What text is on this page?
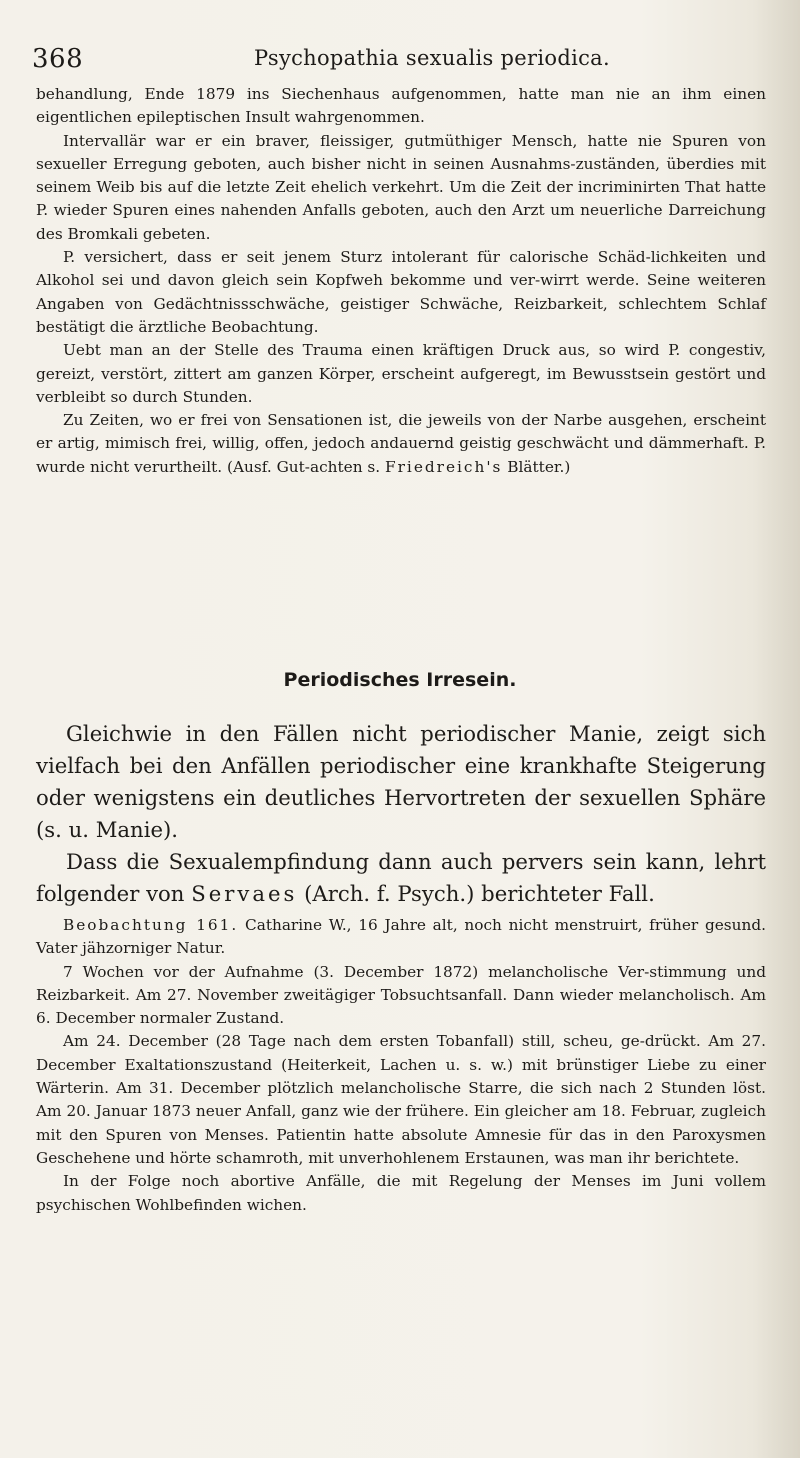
368	Psychopathia sexualis periodica.

behandlung, Ende 1879 ins Siechenhaus aufgenommen, hatte man nie an ihm einen eigentlichen epileptischen Insult wahrgenommen.

Intervallär war er ein braver, fleissiger, gutmüthiger Mensch, hatte nie Spuren von sexueller Erregung geboten, auch bisher nicht in seinen Ausnahms-zuständen, überdies mit seinem Weib bis auf die letzte Zeit ehelich verkehrt. Um die Zeit der incriminirten That hatte P. wieder Spuren eines nahenden Anfalls geboten, auch den Arzt um neuerliche Darreichung des Bromkali gebeten.

P. versichert, dass er seit jenem Sturz intolerant für calorische Schäd-lichkeiten und Alkohol sei und davon gleich sein Kopfweh bekomme und ver-wirrt werde. Seine weiteren Angaben von Gedächtnissschwäche, geistiger Schwäche, Reizbarkeit, schlechtem Schlaf bestätigt die ärztliche Beobachtung.

Uebt man an der Stelle des Trauma einen kräftigen Druck aus, so wird P. congestiv, gereizt, verstört, zittert am ganzen Körper, erscheint aufgeregt, im Bewusstsein gestört und verbleibt so durch Stunden.

Zu Zeiten, wo er frei von Sensationen ist, die jeweils von der Narbe ausgehen, erscheint er artig, mimisch frei, willig, offen, jedoch andauernd geistig geschwächt und dämmerhaft. P. wurde nicht verurtheilt. (Ausf. Gut-achten s. Friedreich's Blätter.)

Periodisches Irresein.

Gleichwie in den Fällen nicht periodischer Manie, zeigt sich vielfach bei den Anfällen periodischer eine krankhafte Steigerung oder wenigstens ein deutliches Hervortreten der sexuellen Sphäre (s. u. Manie).

Dass die Sexualempfindung dann auch pervers sein kann, lehrt folgender von Servaes (Arch. f. Psych.) berichteter Fall.

Beobachtung 161. Catharine W., 16 Jahre alt, noch nicht menstruirt, früher gesund. Vater jähzorniger Natur.

7 Wochen vor der Aufnahme (3. December 1872) melancholische Ver-stimmung und Reizbarkeit. Am 27. November zweitägiger Tobsuchtsanfall. Dann wieder melancholisch. Am 6. December normaler Zustand.

Am 24. December (28 Tage nach dem ersten Tobanfall) still, scheu, ge-drückt. Am 27. December Exaltationszustand (Heiterkeit, Lachen u. s. w.) mit brünstiger Liebe zu einer Wärterin. Am 31. December plötzlich melancholische Starre, die sich nach 2 Stunden löst. Am 20. Januar 1873 neuer Anfall, ganz wie der frühere. Ein gleicher am 18. Februar, zugleich mit den Spuren von Menses. Patientin hatte absolute Amnesie für das in den Paroxysmen Geschehene und hörte schamroth, mit unverhohlenem Erstaunen, was man ihr berichtete.

In der Folge noch abortive Anfälle, die mit Regelung der Menses im Juni vollem psychischen Wohlbefinden wichen.
